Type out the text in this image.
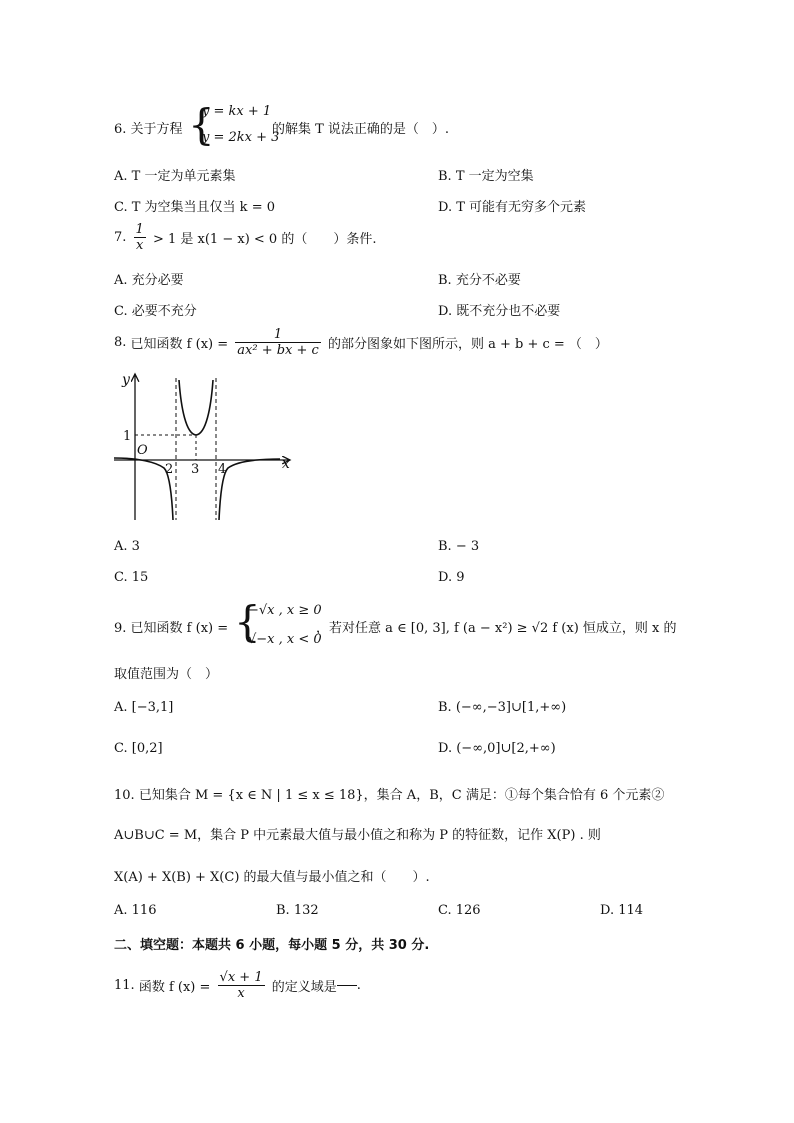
6. 关于方程 {
y = kx + 1
y = 2kx + 3
的解集 T 说法正确的是（　）.
A. T 一定为单元素集	B. T 一定为空集
C. T 为空集当且仅当 k = 0	D. T 可能有无穷多个元素
7. $\frac{1}{x} > 1$ 是 x(1 − x) < 0 的（　　）条件.
A. 充分必要	B. 充分不必要
C. 必要不充分	D. 既不充分也不必要
8. 已知函数 f $(x) = \frac{1}{\text{ax² + bx + c}}$ 的部分图象如下图所示，则 a + b + c = （　）
y
x
O
1
2 3 4
A. 3	B. − 3
C. 15	D. 9
9. 已知函数 f (x) = {
−√x , x ≥ 0
√−x , x < 0
，若对任意 a ∈ [0, 3], f (a − x²) ≥ √2 f (x) 恒成立，则 x 的
取值范围为（　）
A. [−3,1]	B. (−∞,−3]∪[1,+∞)
C. [0,2]	D. (−∞,0]∪[2,+∞)
10. 已知集合 M = {x ∈ N | 1 ≤ x ≤ 18}，集合 A，B，C 满足：①每个集合恰有 6 个元素②
A∪B∪C = M，集合 P 中元素最大值与最小值之和称为 P 的特征数，记作 X(P) . 则
X(A) + X(B) + X(C) 的最大值与最小值之和（　　）.
A. 116	B. 132	C. 126	D. 114
二、填空题：本题共 6 小题，每小题 5 分，共 30 分.
11. 函数 f $(x) = \frac{√x + 1}{x}$ 的定义域是 .
